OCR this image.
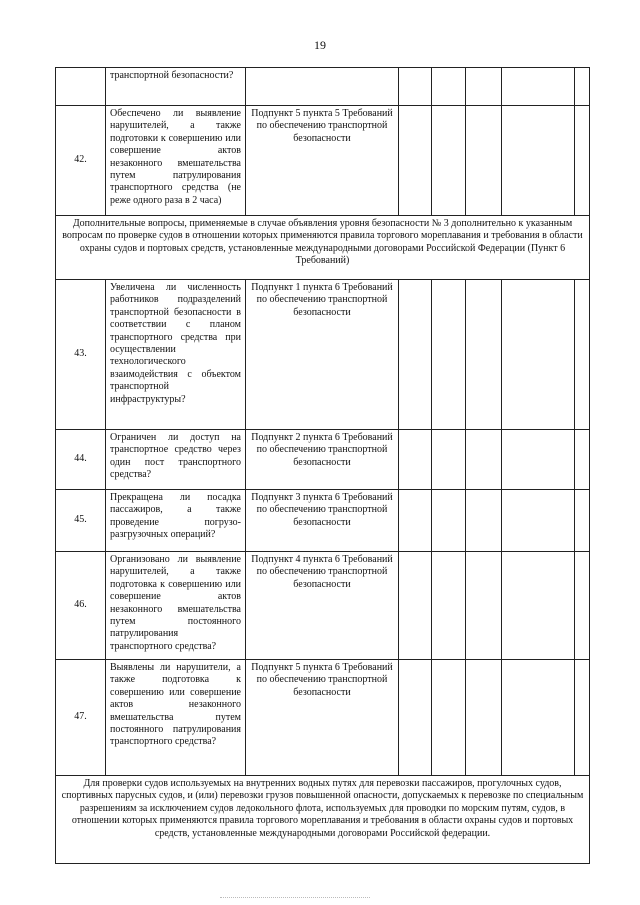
19
	транспортной безопасности?						
42.	Обеспечено ли выявление нарушителей, а также подготовки к совершению или совершение актов незаконного вмешательства путем патрулирования транспортного средства (не реже одного раза в 2 часа)	Подпункт 5 пункта 5 Требований по обеспечению транспортной безопасности					
Дополнительные вопросы, применяемые в случае объявления уровня безопасности № 3 дополнительно к указанным вопросам по проверке судов в отношении которых применяются правила торгового мореплавания и требования в области охраны судов и портовых средств, установленные международными договорами Российской Федерации (Пункт 6 Требований)							
43.	Увеличена ли численность работников подразделений транспортной безопасности в соответствии с планом транспортного средства при осуществлении технологического взаимодействия с объектом транспортной инфраструктуры?	Подпункт 1 пункта 6 Требований по обеспечению транспортной безопасности					
44.	Ограничен ли доступ на транспортное средство через один пост транспортного средства?	Подпункт 2 пункта 6 Требований по обеспечению транспортной безопасности					
45.	Прекращена ли посадка пассажиров, а также проведение погрузо-разгрузочных операций?	Подпункт 3 пункта 6 Требований по обеспечению транспортной безопасности					
46.	Организовано ли выявление нарушителей, а также подготовка к совершению или совершение актов незаконного вмешательства путем постоянного патрулирования транспортного средства?	Подпункт 4 пункта 6 Требований по обеспечению транспортной безопасности					
47.	Выявлены ли нарушители, а также подготовка к совершению или совершение актов незаконного вмешательства путем постоянного патрулирования транспортного средства?	Подпункт 5 пункта 6 Требований по обеспечению транспортной безопасности					
Для проверки судов используемых на внутренних водных путях для перевозки пассажиров, прогулочных судов, спортивных парусных судов, и (или) перевозки грузов повышенной опасности, допускаемых к перевозке по специальным разрешениям за исключением судов ледокольного флота, используемых для проводки по морским путям, судов, в отношении которых применяются правила торгового мореплавания и требования в области охраны судов и портовых средств, установленные международными договорами Российской федерации.							
